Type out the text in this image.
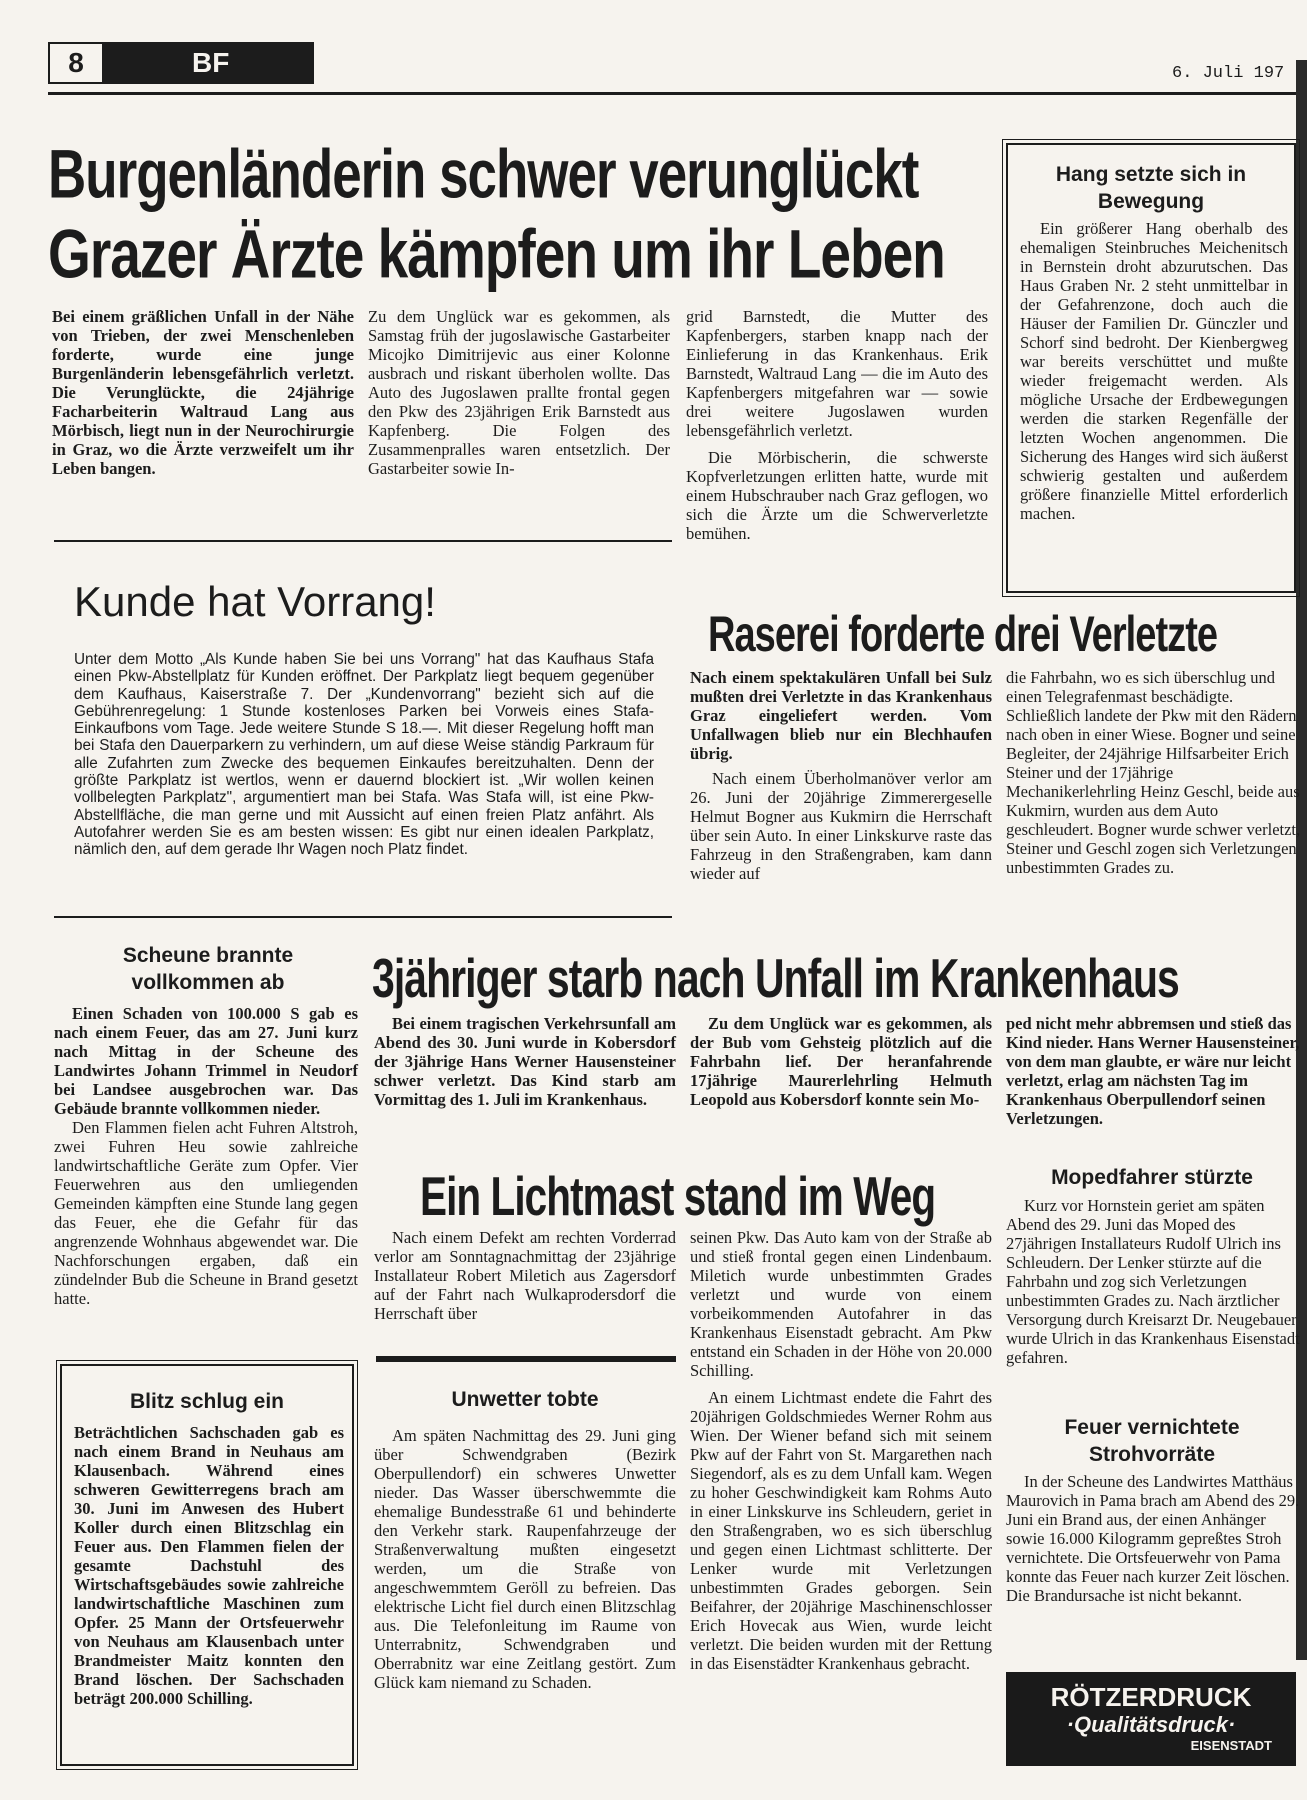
8	BF	6. Juli 197
Burgenländerin schwer verunglückt
Grazer Ärzte kämpfen um ihr Leben

Bei einem gräßlichen Unfall in der Nähe von Trieben, der zwei Menschenleben forderte, wurde eine junge Burgenländerin lebensgefährlich verletzt. Die Verunglückte, die 24jährige Facharbeiterin Waltraud Lang aus Mörbisch, liegt nun in der Neurochirurgie in Graz, wo die Ärzte verzweifelt um ihr Leben bangen.

Zu dem Unglück war es gekommen, als Samstag früh der jugoslawische Gastarbeiter Micojko Dimitrijevic aus einer Kolonne ausbrach und riskant überholen wollte. Das Auto des Jugoslawen prallte frontal gegen den Pkw des 23jährigen Erik Barnstedt aus Kapfenberg. Die Folgen des Zusammenpralles waren entsetzlich. Der Gastarbeiter sowie In-

grid Barnstedt, die Mutter des Kapfenbergers, starben knapp nach der Einlieferung in das Krankenhaus. Erik Barnstedt, Waltraud Lang — die im Auto des Kapfenbergers mitgefahren war — sowie drei weitere Jugoslawen wurden lebensgefährlich verletzt.

Die Mörbischerin, die schwerste Kopfverletzungen erlitten hatte, wurde mit einem Hubschrauber nach Graz geflogen, wo sich die Ärzte um die Schwerverletzte bemühen.

Hang setzte sich in Bewegung

Ein größerer Hang oberhalb des ehemaligen Steinbruches Meichenitsch in Bernstein droht abzurutschen. Das Haus Graben Nr. 2 steht unmittelbar in der Gefahrenzone, doch auch die Häuser der Familien Dr. Günczler und Schorf sind bedroht. Der Kienbergweg war bereits verschüttet und mußte wieder freigemacht werden. Als mögliche Ursache der Erdbewegungen werden die starken Regenfälle der letzten Wochen angenommen. Die Sicherung des Hanges wird sich äußerst schwierig gestalten und außerdem größere finanzielle Mittel erforderlich machen.

Kunde hat Vorrang!

Unter dem Motto „Als Kunde haben Sie bei uns Vorrang" hat das Kaufhaus Stafa einen Pkw-Abstellplatz für Kunden eröffnet. Der Parkplatz liegt bequem gegenüber dem Kaufhaus, Kaiserstraße 7. Der „Kundenvorrang" bezieht sich auf die Gebührenregelung: 1 Stunde kostenloses Parken bei Vorweis eines Stafa-Einkaufbons vom Tage. Jede weitere Stunde S 18.—. Mit dieser Regelung hofft man bei Stafa den Dauerparkern zu verhindern, um auf diese Weise ständig Parkraum für alle Zufahrten zum Zwecke des bequemen Einkaufes bereitzuhalten. Denn der größte Parkplatz ist wertlos, wenn er dauernd blockiert ist. „Wir wollen keinen vollbelegten Parkplatz", argumentiert man bei Stafa. Was Stafa will, ist eine Pkw-Abstellfläche, die man gerne und mit Aussicht auf einen freien Platz anfährt. Als Autofahrer werden Sie es am besten wissen: Es gibt nur einen idealen Parkplatz, nämlich den, auf dem gerade Ihr Wagen noch Platz findet.

Raserei forderte drei Verletzte

Nach einem spektakulären Unfall bei Sulz mußten drei Verletzte in das Krankenhaus Graz eingeliefert werden. Vom Unfallwagen blieb nur ein Blechhaufen übrig.

Nach einem Überholmanöver verlor am 26. Juni der 20jährige Zimmerergeselle Helmut Bogner aus Kukmirn die Herrschaft über sein Auto. In einer Linkskurve raste das Fahrzeug in den Straßengraben, kam dann wieder auf

die Fahrbahn, wo es sich überschlug und einen Telegrafenmast beschädigte. Schließlich landete der Pkw mit den Rädern nach oben in einer Wiese. Bogner und seine Begleiter, der 24jährige Hilfsarbeiter Erich Steiner und der 17jährige Mechanikerlehrling Heinz Geschl, beide aus Kukmirn, wurden aus dem Auto geschleudert. Bogner wurde schwer verletzt, Steiner und Geschl zogen sich Verletzungen unbestimmten Grades zu.

Scheune brannte vollkommen ab

Einen Schaden von 100.000 S gab es nach einem Feuer, das am 27. Juni kurz nach Mittag in der Scheune des Landwirtes Johann Trimmel in Neudorf bei Landsee ausgebrochen war. Das Gebäude brannte vollkommen nieder.

Den Flammen fielen acht Fuhren Altstroh, zwei Fuhren Heu sowie zahlreiche landwirtschaftliche Geräte zum Opfer. Vier Feuerwehren aus den umliegenden Gemeinden kämpften eine Stunde lang gegen das Feuer, ehe die Gefahr für das angrenzende Wohnhaus abgewendet war. Die Nachforschungen ergaben, daß ein zündelnder Bub die Scheune in Brand gesetzt hatte.

3jähriger starb nach Unfall im Krankenhaus

Bei einem tragischen Verkehrsunfall am Abend des 30. Juni wurde in Kobersdorf der 3jährige Hans Werner Hausensteiner schwer verletzt. Das Kind starb am Vormittag des 1. Juli im Krankenhaus.

Zu dem Unglück war es gekommen, als der Bub vom Gehsteig plötzlich auf die Fahrbahn lief. Der heranfahrende 17jährige Maurerlehrling Helmuth Leopold aus Kobersdorf konnte sein Mo-

ped nicht mehr abbremsen und stieß das Kind nieder. Hans Werner Hausensteiner, von dem man glaubte, er wäre nur leicht verletzt, erlag am nächsten Tag im Krankenhaus Oberpullendorf seinen Verletzungen.

Ein Lichtmast stand im Weg

Nach einem Defekt am rechten Vorderrad verlor am Sonntagnachmittag der 23jährige Installateur Robert Miletich aus Zagersdorf auf der Fahrt nach Wulkaprodersdorf die Herrschaft über

seinen Pkw. Das Auto kam von der Straße ab und stieß frontal gegen einen Lindenbaum. Miletich wurde unbestimmten Grades verletzt und wurde von einem vorbeikommenden Autofahrer in das Krankenhaus Eisenstadt gebracht. Am Pkw entstand ein Schaden in der Höhe von 20.000 Schilling.

An einem Lichtmast endete die Fahrt des 20jährigen Goldschmiedes Werner Rohm aus Wien. Der Wiener befand sich mit seinem Pkw auf der Fahrt von St. Margarethen nach Siegendorf, als es zu dem Unfall kam. Wegen zu hoher Geschwindigkeit kam Rohms Auto in einer Linkskurve ins Schleudern, geriet in den Straßengraben, wo es sich überschlug und gegen einen Lichtmast schlitterte. Der Lenker wurde mit Verletzungen unbestimmten Grades geborgen. Sein Beifahrer, der 20jährige Maschinenschlosser Erich Hovecak aus Wien, wurde leicht verletzt. Die beiden wurden mit der Rettung in das Eisenstädter Krankenhaus gebracht.

Mopedfahrer stürzte

Kurz vor Hornstein geriet am späten Abend des 29. Juni das Moped des 27jährigen Installateurs Rudolf Ulrich ins Schleudern. Der Lenker stürzte auf die Fahrbahn und zog sich Verletzungen unbestimmten Grades zu. Nach ärztlicher Versorgung durch Kreisarzt Dr. Neugebauer wurde Ulrich in das Krankenhaus Eisenstadt gefahren.

Feuer vernichtete Strohvorräte

In der Scheune des Landwirtes Matthäus Maurovich in Pama brach am Abend des 29. Juni ein Brand aus, der einen Anhänger sowie 16.000 Kilogramm gepreßtes Stroh vernichtete. Die Ortsfeuerwehr von Pama konnte das Feuer nach kurzer Zeit löschen. Die Brandursache ist nicht bekannt.

Blitz schlug ein

Beträchtlichen Sachschaden gab es nach einem Brand in Neuhaus am Klausenbach. Während eines schweren Gewitterregens brach am 30. Juni im Anwesen des Hubert Koller durch einen Blitzschlag ein Feuer aus. Den Flammen fielen der gesamte Dachstuhl des Wirtschaftsgebäudes sowie zahlreiche landwirtschaftliche Maschinen zum Opfer. 25 Mann der Ortsfeuerwehr von Neuhaus am Klausenbach unter Brandmeister Maitz konnten den Brand löschen. Der Sachschaden beträgt 200.000 Schilling.

Unwetter tobte

Am späten Nachmittag des 29. Juni ging über Schwendgraben (Bezirk Oberpullendorf) ein schweres Unwetter nieder. Das Wasser überschwemmte die ehemalige Bundesstraße 61 und behinderte den Verkehr stark. Raupenfahrzeuge der Straßenverwaltung mußten eingesetzt werden, um die Straße von angeschwemmtem Geröll zu befreien. Das elektrische Licht fiel durch einen Blitzschlag aus. Die Telefonleitung im Raume von Unterrabnitz, Schwendgraben und Oberrabnitz war eine Zeitlang gestört. Zum Glück kam niemand zu Schaden.	RÖTZERDRUCK
·Qualitätsdruck·
EISENSTADT
